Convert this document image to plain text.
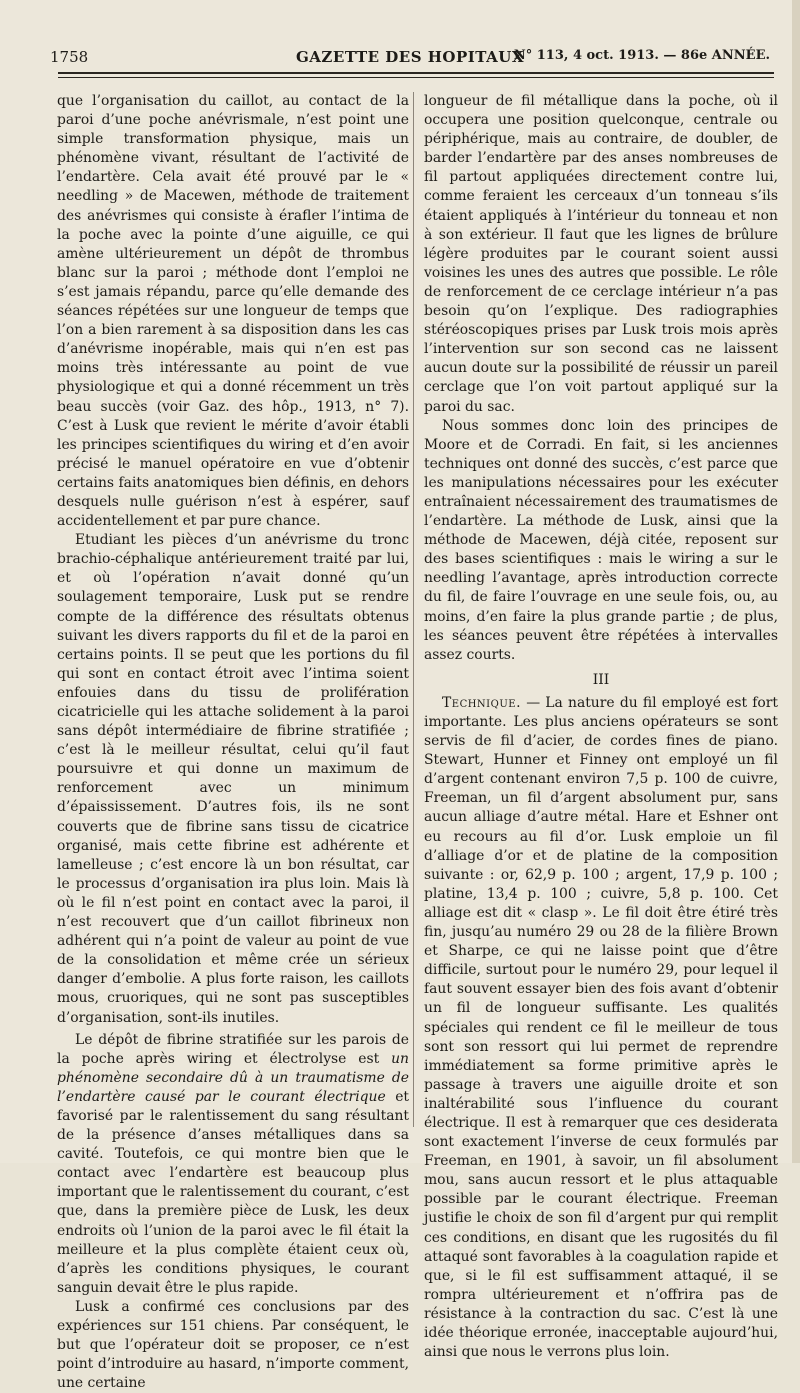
1758	GAZETTE DES HOPITAUX
N° 113, 4 oct. 1913. — 86e ANNÉE.

que l’organisation du caillot, au contact de la paroi d’une poche anévrismale, n’est point une simple transformation physique, mais un phénomène vivant, résultant de l’activité de l’endartère. Cela avait été prouvé par le « needling » de Macewen, méthode de traitement des anévrismes qui consiste à érafler l’intima de la poche avec la pointe d’une aiguille, ce qui amène ultérieurement un dépôt de thrombus blanc sur la paroi ; méthode dont l’emploi ne s’est jamais répandu, parce qu’elle demande des séances répétées sur une longueur de temps que l’on a bien rarement à sa disposition dans les cas d’anévrisme inopérable, mais qui n’en est pas moins très intéressante au point de vue physiologique et qui a donné récemment un très beau succès (voir Gaz. des hôp., 1913, n° 7). C’est à Lusk que revient le mérite d’avoir établi les principes scientifiques du wiring et d’en avoir précisé le manuel opératoire en vue d’obtenir certains faits anatomiques bien définis, en dehors desquels nulle guérison n’est à espérer, sauf accidentellement et par pure chance.

Etudiant les pièces d’un anévrisme du tronc brachio-céphalique antérieurement traité par lui, et où l’opération n’avait donné qu’un soulagement temporaire, Lusk put se rendre compte de la différence des résultats obtenus suivant les divers rapports du fil et de la paroi en certains points. Il se peut que les portions du fil qui sont en contact étroit avec l’intima soient enfouies dans du tissu de prolifération cicatricielle qui les attache solidement à la paroi sans dépôt intermédiaire de fibrine stratifiée ; c’est là le meilleur résultat, celui qu’il faut poursuivre et qui donne un maximum de renforcement avec un minimum d’épaississement. D’autres fois, ils ne sont couverts que de fibrine sans tissu de cicatrice organisé, mais cette fibrine est adhérente et lamelleuse ; c’est encore là un bon résultat, car le processus d’organisation ira plus loin. Mais là où le fil n’est point en contact avec la paroi, il n’est recouvert que d’un caillot fibrineux non adhérent qui n’a point de valeur au point de vue de la consolidation et même crée un sérieux danger d’embolie. A plus forte raison, les caillots mous, cruoriques, qui ne sont pas susceptibles d’organisation, sont-ils inutiles.

Le dépôt de fibrine stratifiée sur les parois de la poche après wiring et électrolyse est un phénomène secondaire dû à un traumatisme de l’endartère causé par le courant électrique et favorisé par le ralentissement du sang résultant de la présence d’anses métalliques dans sa cavité. Toutefois, ce qui montre bien que le contact avec l’endartère est beaucoup plus important que le ralentissement du courant, c’est que, dans la première pièce de Lusk, les deux endroits où l’union de la paroi avec le fil était la meilleure et la plus complète étaient ceux où, d’après les conditions physiques, le courant sanguin devait être le plus rapide.

Lusk a confirmé ces conclusions par des expériences sur 151 chiens. Par conséquent, le but que l’opérateur doit se proposer, ce n’est point d’introduire au hasard, n’importe comment, une certaine

longueur de fil métallique dans la poche, où il occupera une position quelconque, centrale ou périphérique, mais au contraire, de doubler, de barder l’endartère par des anses nombreuses de fil partout appliquées directement contre lui, comme feraient les cerceaux d’un tonneau s’ils étaient appliqués à l’intérieur du tonneau et non à son extérieur. Il faut que les lignes de brûlure légère produites par le courant soient aussi voisines les unes des autres que possible. Le rôle de renforcement de ce cerclage intérieur n’a pas besoin qu’on l’explique. Des radiographies stéréoscopiques prises par Lusk trois mois après l’intervention sur son second cas ne laissent aucun doute sur la possibilité de réussir un pareil cerclage que l’on voit partout appliqué sur la paroi du sac.

Nous sommes donc loin des principes de Moore et de Corradi. En fait, si les anciennes techniques ont donné des succès, c’est parce que les manipulations nécessaires pour les exécuter entraînaient nécessairement des traumatismes de l’endartère. La méthode de Lusk, ainsi que la méthode de Macewen, déjà citée, reposent sur des bases scientifiques : mais le wiring a sur le needling l’avantage, après introduction correcte du fil, de faire l’ouvrage en une seule fois, ou, au moins, d’en faire la plus grande partie ; de plus, les séances peuvent être répétées à intervalles assez courts.

III

Technique. — La nature du fil employé est fort importante. Les plus anciens opérateurs se sont servis de fil d’acier, de cordes fines de piano. Stewart, Hunner et Finney ont employé un fil d’argent contenant environ 7,5 p. 100 de cuivre, Freeman, un fil d’argent absolument pur, sans aucun alliage d’autre métal. Hare et Eshner ont eu recours au fil d’or. Lusk emploie un fil d’alliage d’or et de platine de la composition suivante : or, 62,9 p. 100 ; argent, 17,9 p. 100 ; platine, 13,4 p. 100 ; cuivre, 5,8 p. 100. Cet alliage est dit « clasp ». Le fil doit être étiré très fin, jusqu’au numéro 29 ou 28 de la filière Brown et Sharpe, ce qui ne laisse point que d’être difficile, surtout pour le numéro 29, pour lequel il faut souvent essayer bien des fois avant d’obtenir un fil de longueur suffisante. Les qualités spéciales qui rendent ce fil le meilleur de tous sont son ressort qui lui permet de reprendre immédiatement sa forme primitive après le passage à travers une aiguille droite et son inaltérabilité sous l’influence du courant électrique. Il est à remarquer que ces desiderata sont exactement l’inverse de ceux formulés par Freeman, en 1901, à savoir, un fil absolument mou, sans aucun ressort et le plus attaquable possible par le courant électrique. Freeman justifie le choix de son fil d’argent pur qui remplit ces conditions, en disant que les rugosités du fil attaqué sont favorables à la coagulation rapide et que, si le fil est suffisamment attaqué, il se rompra ultérieurement et n’offrira pas de résistance à la contraction du sac. C’est là une idée théorique erronée, inacceptable aujourd’hui, ainsi que nous le verrons plus loin.
